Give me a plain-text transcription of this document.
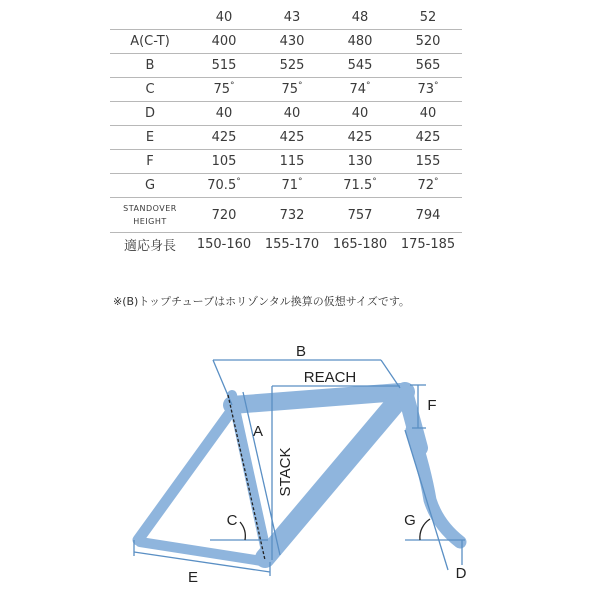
	40	43	48	52
A(C-T)	400	430	480	520
B	515	525	545	565
C	75°	75°	74°	73°
D	40	40	40	40
E	425	425	425	425
F	105	115	130	155
G	70.5°	71°	71.5°	72°
STANDOVER
HEIGHT	720	732	757	794
適応身長	150-160	155-170	165-180	175-185
※(B)トップチューブはホリゾンタル換算の仮想サイズです。
B
REACH
A
STACK
C
E
F
G
D
